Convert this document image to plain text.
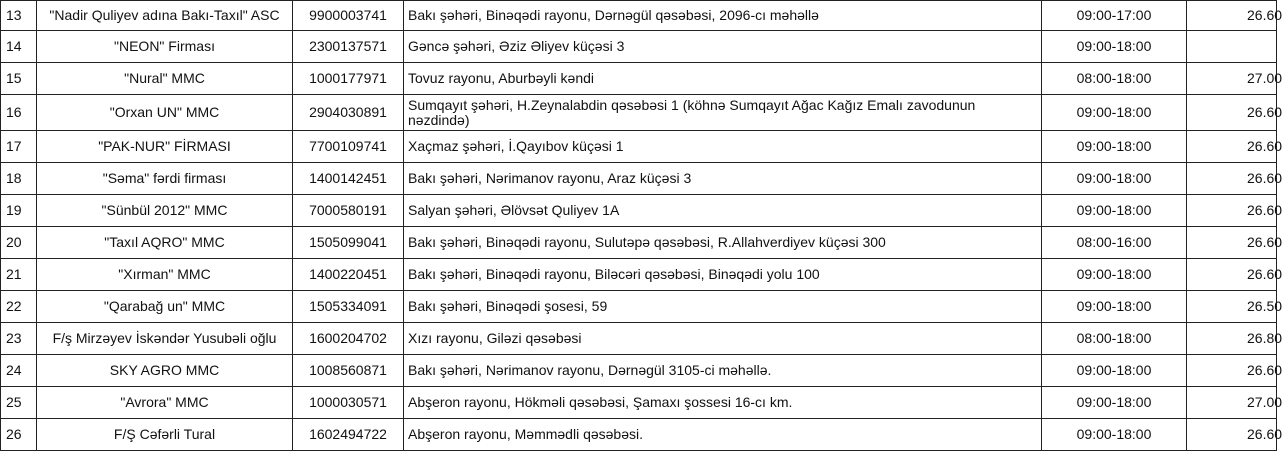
13	"Nadir Quliyev adına Bakı-Taxıl" ASC	9900003741	Bakı şəhəri, Binəqədi rayonu, Dərnəgül qəsəbəsi, 2096-cı məhəllə	09:00-17:00	26.60
14	"NEON" Firması	2300137571	Gəncə şəhəri, Əziz Əliyev küçəsi 3	09:00-18:00	
15	"Nural" MMC	1000177971	Tovuz rayonu, Aburbəyli kəndi	08:00-18:00	27.00
16	"Orxan UN" MMC	2904030891	Sumqayıt şəhəri, H.Zeynalabdin qəsəbəsi 1 (köhnə Sumqayıt Ağac Kağız Emalı zavodunun nəzdində)	09:00-18:00	26.60
17	"PAK-NUR" FİRMASI	7700109741	Xaçmaz şəhəri, İ.Qayıbov küçəsi 1	09:00-18:00	26.60
18	"Səma" fərdi firması	1400142451	Bakı şəhəri, Nərimanov rayonu, Araz küçəsi 3	09:00-18:00	26.60
19	"Sünbül 2012" MMC	7000580191	Salyan şəhəri, Əlövsət Quliyev 1A	09:00-18:00	26.60
20	"Taxıl AQRO" MMC	1505099041	Bakı şəhəri, Binəqədi rayonu, Sulutəpə qəsəbəsi, R.Allahverdiyev küçəsi 300	08:00-16:00	26.60
21	"Xırman" MMC	1400220451	Bakı şəhəri, Binəqədi rayonu, Biləcəri qəsəbəsi, Binəqədi yolu 100	09:00-18:00	26.60
22	"Qarabağ un" MMC	1505334091	Bakı şəhəri, Binəqədi şosesi, 59	09:00-18:00	26.50
23	F/ş Mirzəyev İskəndər Yusubəli oğlu	1600204702	Xızı rayonu, Giləzi qəsəbəsi	08:00-18:00	26.80
24	SKY AGRO MMC	1008560871	Bakı şəhəri, Nərimanov rayonu, Dərnəgül 3105-ci məhəllə.	09:00-18:00	26.60
25	"Avrora" MMC	1000030571	Abşeron rayonu, Hökməli qəsəbəsi, Şamaxı şossesi 16-cı km.	09:00-18:00	27.00
26	F/Ş Cəfərli Tural	1602494722	Abşeron rayonu, Məmmədli qəsəbəsi.	09:00-18:00	26.60
